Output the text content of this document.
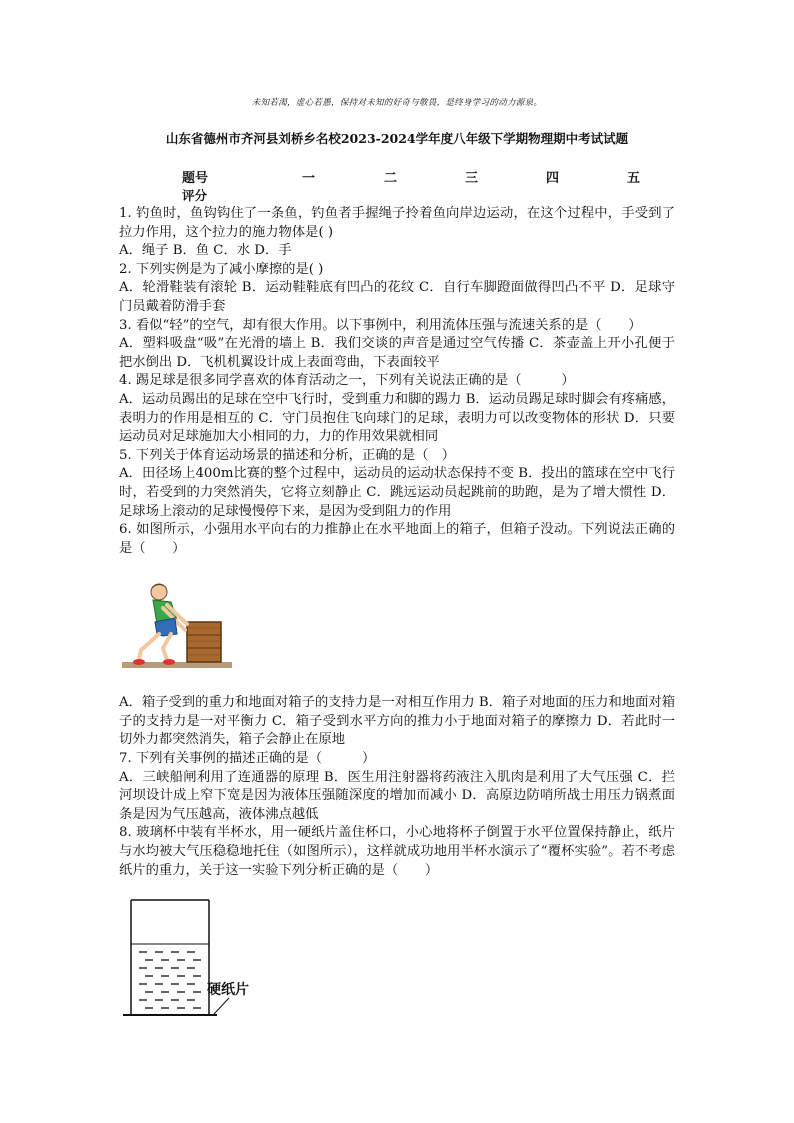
未知若渴，虚心若愚，保持对未知的好奇与敬畏，是终身学习的动力源泉。
山东省德州市齐河县刘桥乡名校2023-2024学年度八年级下学期物理期中考试试题
题号	一	二	三	四	五
评分

1. 钓鱼时，鱼钩钩住了一条鱼，钓鱼者手握绳子拎着鱼向岸边运动，在这个过程中，手受到了拉力作用，这个拉力的施力物体是( )

A．绳子 B．鱼 C．水 D．手

2. 下列实例是为了减小摩擦的是( )

A．轮滑鞋装有滚轮 B．运动鞋鞋底有凹凸的花纹 C．自行车脚蹬面做得凹凸不平 D．足球守门员戴着防滑手套

3. 看似“轻”的空气，却有很大作用。以下事例中，利用流体压强与流速关系的是（　　）

A．塑料吸盘“吸”在光滑的墙上 B．我们交谈的声音是通过空气传播 C．茶壶盖上开小孔便于把水倒出 D．飞机机翼设计成上表面弯曲，下表面较平

4. 踢足球是很多同学喜欢的体育活动之一，下列有关说法正确的是（　　　）

A．运动员踢出的足球在空中飞行时，受到重力和脚的踢力 B．运动员踢足球时脚会有疼痛感，表明力的作用是相互的 C．守门员抱住飞向球门的足球，表明力可以改变物体的形状 D．只要运动员对足球施加大小相同的力，力的作用效果就相同

5. 下列关于体育运动场景的描述和分析，正确的是（　）

A．田径场上400m比赛的整个过程中，运动员的运动状态保持不变 B．投出的篮球在空中飞行时，若受到的力突然消失，它将立刻静止 C．跳远运动员起跳前的助跑，是为了增大惯性 D．足球场上滚动的足球慢慢停下来，是因为受到阻力的作用

6. 如图所示，小强用水平向右的力推静止在水平地面上的箱子，但箱子没动。下列说法正确的是（　　）

A．箱子受到的重力和地面对箱子的支持力是一对相互作用力 B．箱子对地面的压力和地面对箱子的支持力是一对平衡力 C．箱子受到水平方向的推力小于地面对箱子的摩擦力 D．若此时一切外力都突然消失，箱子会静止在原地

7. 下列有关事例的描述正确的是（　　　）

A．三峡船闸利用了连通器的原理 B．医生用注射器将药液注入肌肉是利用了大气压强 C．拦河坝设计成上窄下宽是因为液体压强随深度的增加而减小 D．高原边防哨所战士用压力锅煮面条是因为气压越高，液体沸点越低

8. 玻璃杯中装有半杯水，用一硬纸片盖住杯口，小心地将杯子倒置于水平位置保持静止，纸片与水均被大气压稳稳地托住（如图所示），这样就成功地用半杯水演示了“覆杯实验”。若不考虑纸片的重力，关于这一实验下列分析正确的是（　　）

硬纸片
